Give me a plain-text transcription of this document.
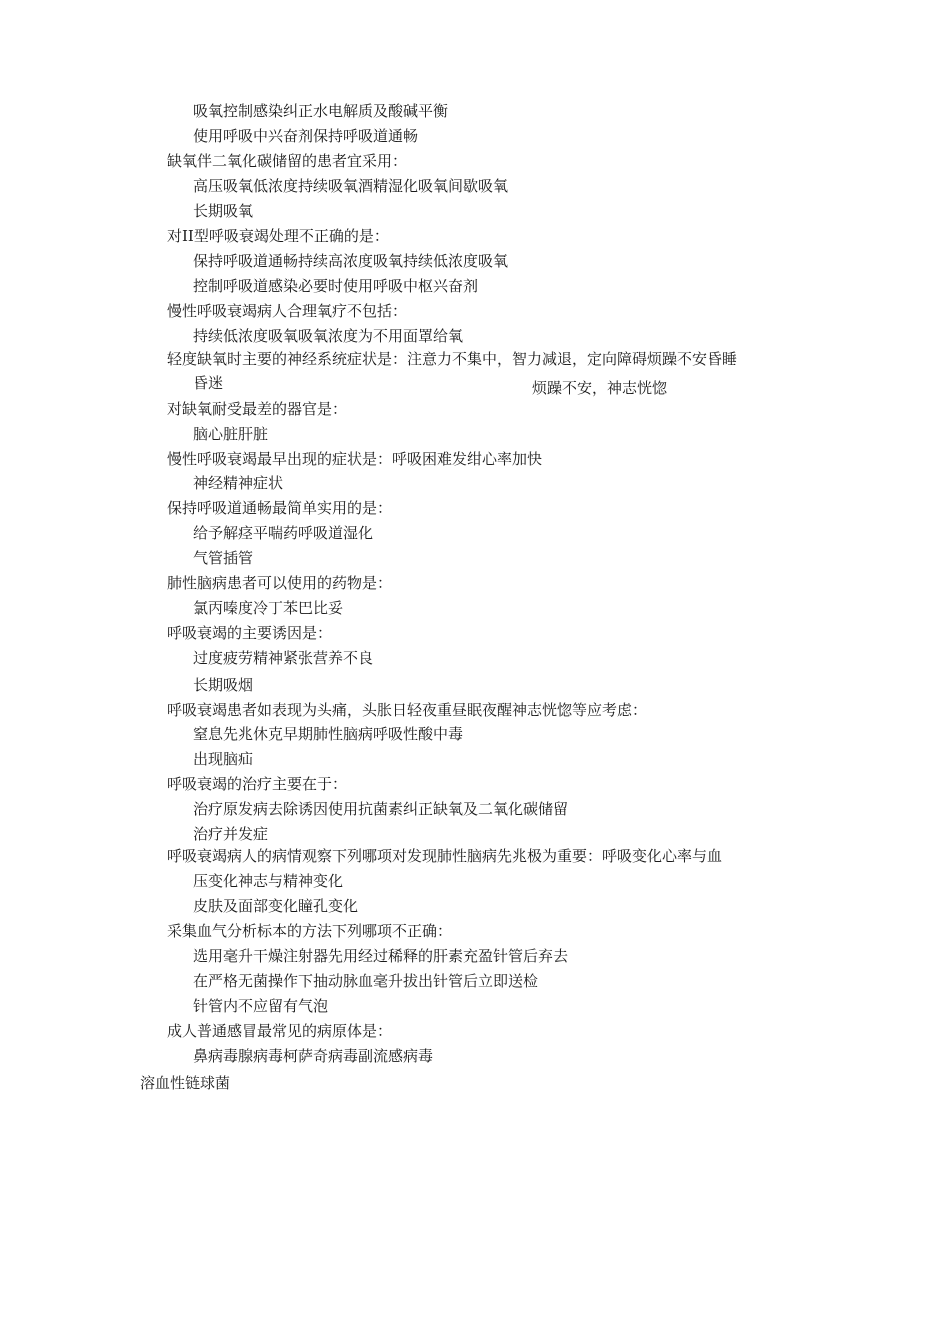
吸氧控制感染纠正水电解质及酸碱平衡
使用呼吸中兴奋剂保持呼吸道通畅
缺氧伴二氧化碳储留的患者宜采用：
高压吸氧低浓度持续吸氧酒精湿化吸氧间歇吸氧
长期吸氧
对II型呼吸衰竭处理不正确的是：
保持呼吸道通畅持续高浓度吸氧持续低浓度吸氧
控制呼吸道感染必要时使用呼吸中枢兴奋剂
慢性呼吸衰竭病人合理氧疗不包括：
持续低浓度吸氧吸氧浓度为不用面罩给氧
轻度缺氧时主要的神经系统症状是：注意力不集中，智力减退，定向障碍烦躁不安昏睡
昏迷	烦躁不安，神志恍惚
对缺氧耐受最差的器官是：
脑心脏肝脏
慢性呼吸衰竭最早出现的症状是：呼吸困难发绀心率加快
神经精神症状
保持呼吸道通畅最简单实用的是：
给予解痉平喘药呼吸道湿化
气管插管
肺性脑病患者可以使用的药物是：
氯丙嗪度冷丁苯巴比妥
呼吸衰竭的主要诱因是：
过度疲劳精神紧张营养不良
长期吸烟
呼吸衰竭患者如表现为头痛，头胀日轻夜重昼眠夜醒神志恍惚等应考虑：
窒息先兆休克早期肺性脑病呼吸性酸中毒
出现脑疝
呼吸衰竭的治疗主要在于：
治疗原发病去除诱因使用抗菌素纠正缺氧及二氧化碳储留
治疗并发症
呼吸衰竭病人的病情观察下列哪项对发现肺性脑病先兆极为重要：呼吸变化心率与血
压变化神志与精神变化
皮肤及面部变化瞳孔变化
采集血气分析标本的方法下列哪项不正确：
选用毫升干燥注射器先用经过稀释的肝素充盈针管后弃去
在严格无菌操作下抽动脉血毫升拔出针管后立即送检
针管内不应留有气泡
成人普通感冒最常见的病原体是：
鼻病毒腺病毒柯萨奇病毒副流感病毒
溶血性链球菌
